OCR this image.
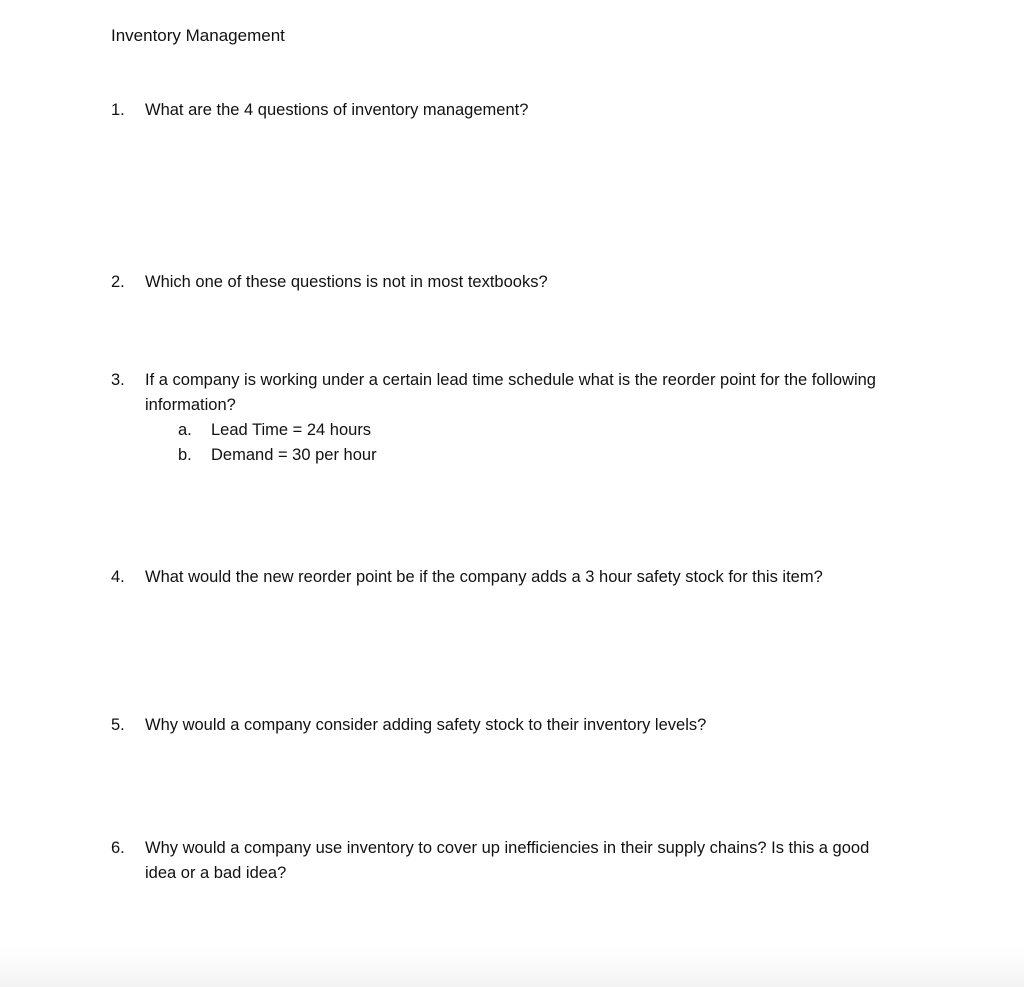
Inventory Management
1.	What are the 4 questions of inventory management?
2.	Which one of these questions is not in most textbooks?
3.	If a company is working under a certain lead time schedule what is the reorder point for the following information?
a. Lead Time = 24 hours
b. Demand = 30 per hour
4.	What would the new reorder point be if the company adds a 3 hour safety stock for this item?
5.	Why would a company consider adding safety stock to their inventory levels?
6.	Why would a company use inventory to cover up inefficiencies in their supply chains? Is this a good idea or a bad idea?
